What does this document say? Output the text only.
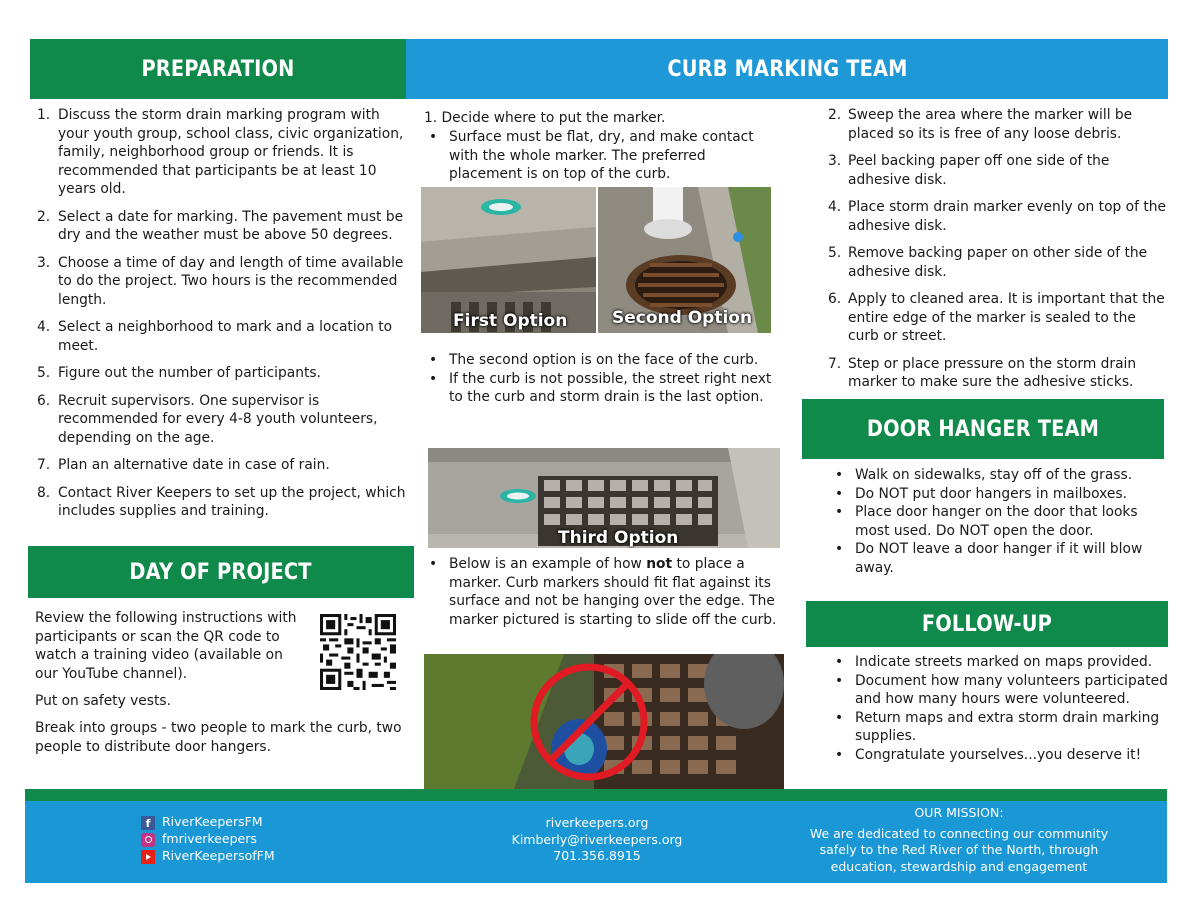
PREPARATION	CURB MARKING TEAM
1. Discuss the storm drain marking program with your youth group, school class, civic organization, family, neighborhood group or friends. It is recommended that participants be at least 10 years old.
2. Select a date for marking. The pavement must be dry and the weather must be above 50 degrees.
3. Choose a time of day and length of time available to do the project. Two hours is the recommended length.
4. Select a neighborhood to mark and a location to meet.
5. Figure out the number of participants.
6. Recruit supervisors. One supervisor is recommended for every 4-8 youth volunteers, depending on the age.
7. Plan an alternative date in case of rain.
8. Contact River Keepers to set up the project, which includes supplies and training.
DAY OF PROJECT

Review the following instructions with participants or scan the QR code to watch a training video (available on our YouTube channel).

Put on safety vests.

Break into groups - two people to mark the curb, two people to distribute door hangers.

1. Decide where to put the marker.

• Surface must be flat, dry, and make contact with the whole marker. The preferred placement is on top of the curb.
First Option	Second Option
• The second option is on the face of the curb.
• If the curb is not possible, the street right next to the curb and storm drain is the last option.
Third Option
• Below is an example of how not to place a marker. Curb markers should fit flat against its surface and not be hanging over the edge. The marker pictured is starting to slide off the curb.
2. Sweep the area where the marker will be placed so its is free of any loose debris.
3. Peel backing paper off one side of the adhesive disk.
4. Place storm drain marker evenly on top of the adhesive disk.
5. Remove backing paper on other side of the adhesive disk.
6. Apply to cleaned area. It is important that the entire edge of the marker is sealed to the curb or street.
7. Step or place pressure on the storm drain marker to make sure the adhesive sticks.
DOOR HANGER TEAM
• Walk on sidewalks, stay off of the grass.
• Do NOT put door hangers in mailboxes.
• Place door hanger on the door that looks most used. Do NOT open the door.
• Do NOT leave a door hanger if it will blow away.
FOLLOW-UP
• Indicate streets marked on maps provided.
• Document how many volunteers participated and how many hours were volunteered.
• Return maps and extra storm drain marking supplies.
• Congratulate yourselves...you deserve it!
f RiverKeepersFM
fmriverkeepers
RiverKeepersofFM
riverkeepers.org
Kimberly@riverkeepers.org
701.356.8915
OUR MISSION:
We are dedicated to connecting our community safely to the Red River of the North, through education, stewardship and engagement
